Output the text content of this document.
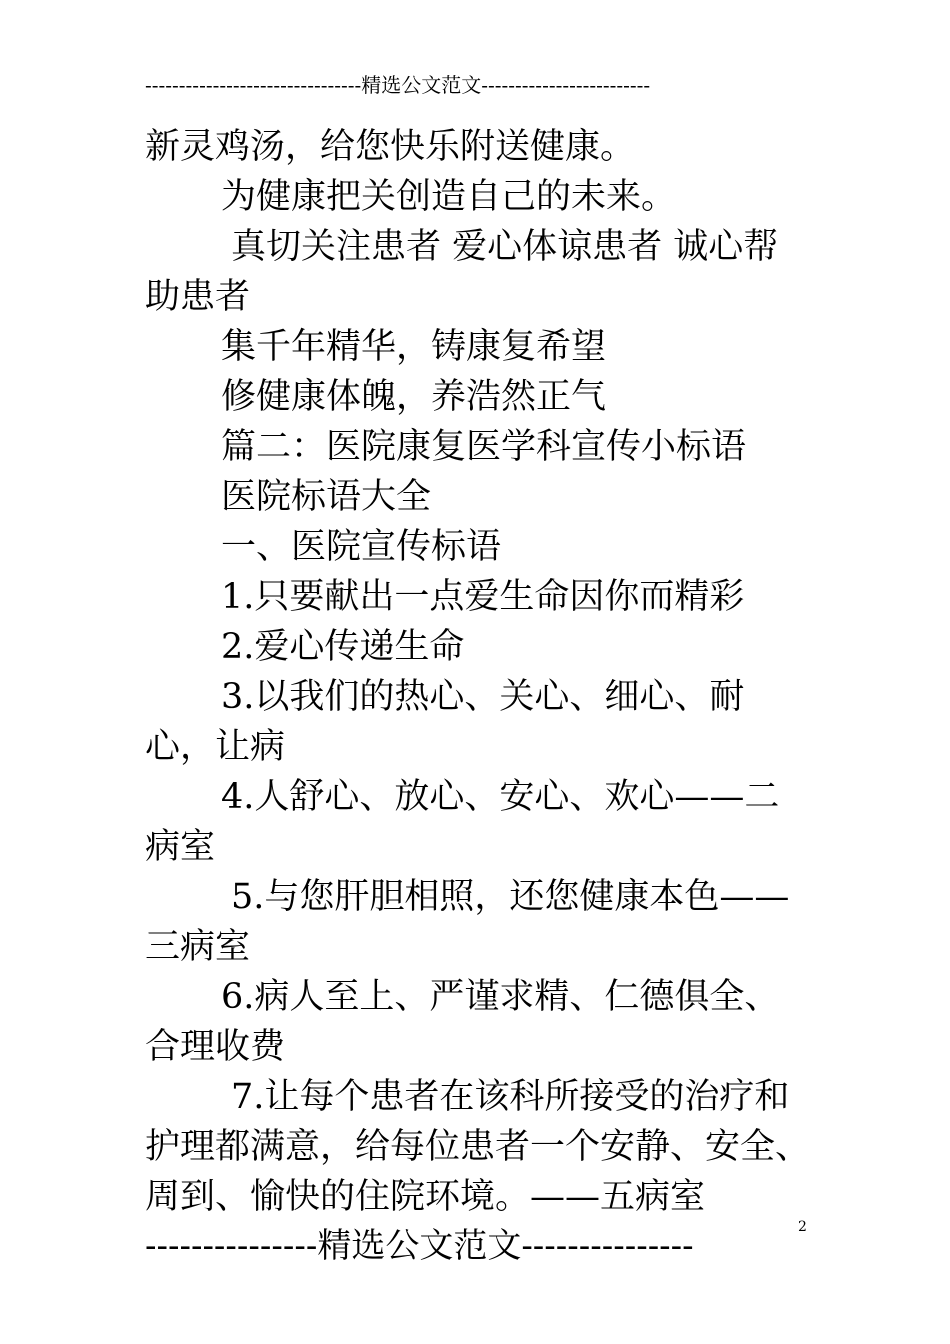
--------------------------------精选公文范文-------------------------

新灵鸡汤，给您快乐附送健康。

为健康把关创造自己的未来。

真切关注患者 爱心体谅患者 诚心帮助患者

集千年精华，铸康复希望

修健康体魄，养浩然正气

篇二：医院康复医学科宣传小标语

医院标语大全

一、医院宣传标语

1.只要献出一点爱生命因你而精彩

2.爱心传递生命

3.以我们的热心、关心、细心、耐心，让病

4.人舒心、放心、安心、欢心——二病室

5.与您肝胆相照，还您健康本色——三病室

6.病人至上、严谨求精、仁德俱全、合理收费

7.让每个患者在该科所接受的治疗和护理都满意，给每位患者一个安静、安全、周到、愉快的住院环境。——五病室

---------------精选公文范文---------------	2
